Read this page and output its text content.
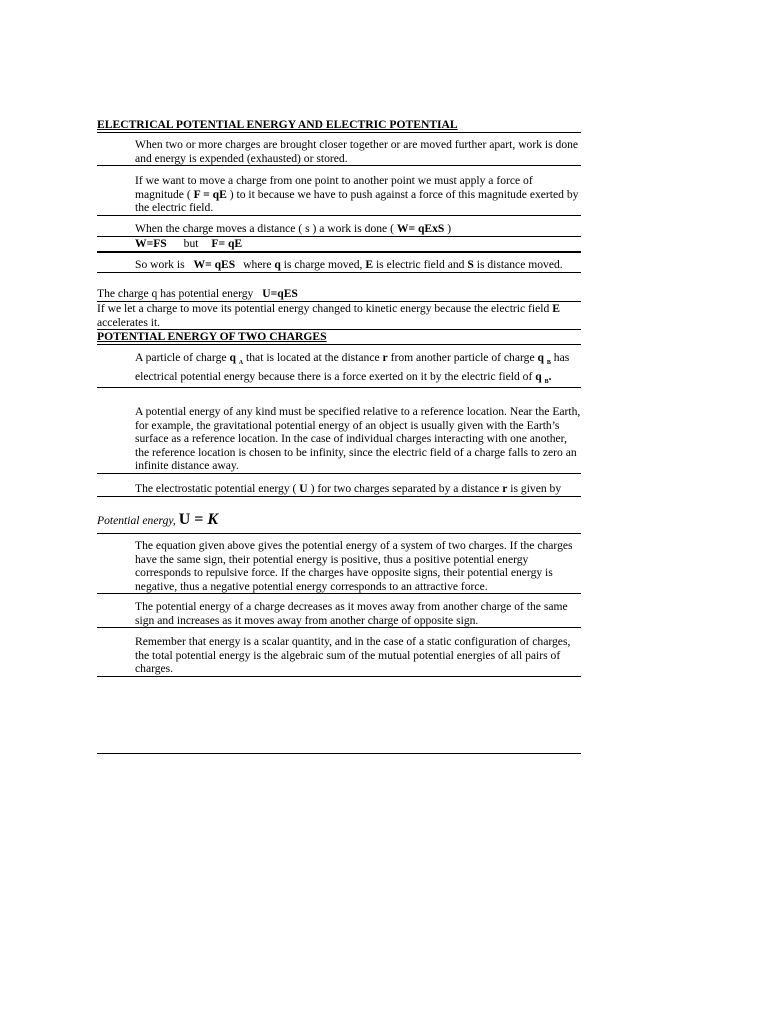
ELECTRICAL POTENTIAL ENERGY AND ELECTRIC POTENTIAL
When two or more charges are brought closer together or are moved further apart, work is done and energy is expended (exhausted) or stored.
If we want to move a charge from one point to another point we must apply a force of magnitude ( F = qE ) to it because we have to push against a force of this magnitude exerted by the electric field.
When the charge moves a distance ( s ) a work is done ( W= qExS )
W=FS but F= qE
So work is W= qES where q is charge moved, E is electric field and S is distance moved.
The charge q has potential energy U=qES
If we let a charge to move its potential energy changed to kinetic energy because the electric field E accelerates it.
POTENTIAL ENERGY OF TWO CHARGES
A particle of charge q $_A$ that is located at the distance r from another particle of charge q $_B$ has electrical potential energy because there is a force exerted on it by the electric field of q $_B$.
A potential energy of any kind must be specified relative to a reference location. Near the Earth, for example, the gravitational potential energy of an object is usually given with the Earth’s surface as a reference location. In the case of individual charges interacting with one another, the reference location is chosen to be infinity, since the electric field of a charge falls to zero an infinite distance away.
The electrostatic potential energy ( U ) for two charges separated by a distance r is given by
Potential energy, U = K
The equation given above gives the potential energy of a system of two charges. If the charges have the same sign, their potential energy is positive, thus a positive potential energy corresponds to repulsive force. If the charges have opposite signs, their potential energy is negative, thus a negative potential energy corresponds to an attractive force.
The potential energy of a charge decreases as it moves away from another charge of the same sign and increases as it moves away from another charge of opposite sign.
Remember that energy is a scalar quantity, and in the case of a static configuration of charges, the total potential energy is the algebraic sum of the mutual potential energies of all pairs of charges.
